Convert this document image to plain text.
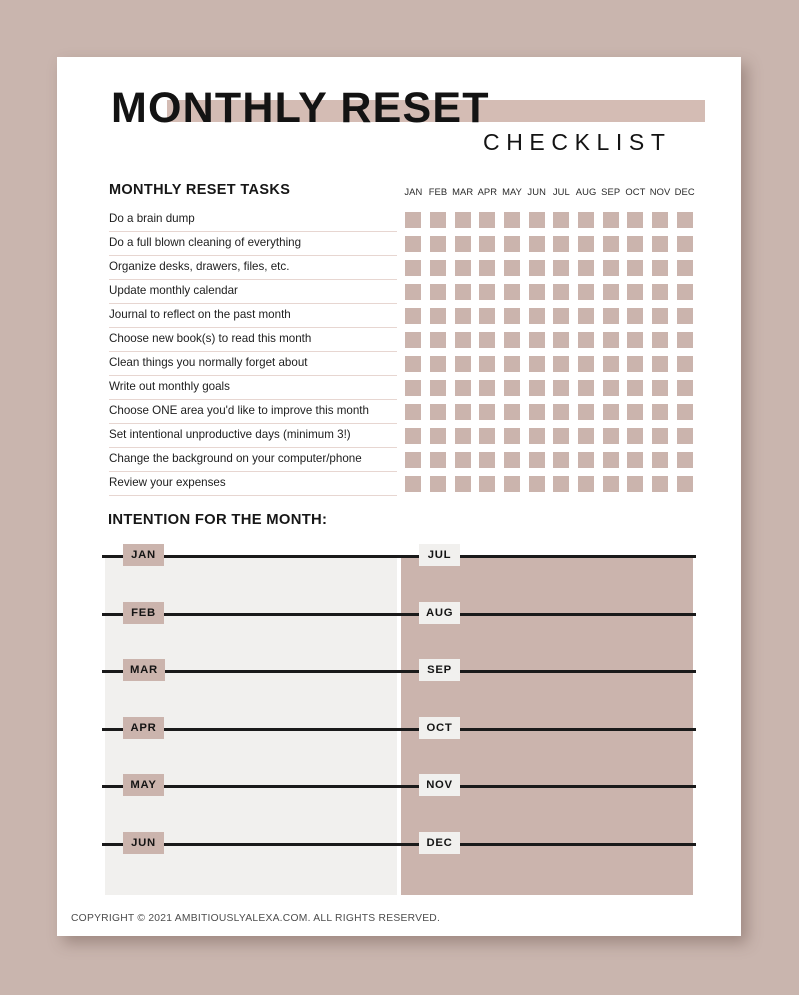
MONTHLY RESET
CHECKLIST
MONTHLY RESET TASKS
Do a brain dump
Do a full blown cleaning of everything
Organize desks, drawers, files, etc.
Update monthly calendar
Journal to reflect on the past month
Choose new book(s) to read this month
Clean things you normally forget about
Write out monthly goals
Choose ONE area you'd like to improve this month
Set intentional unproductive days (minimum 3!)
Change the background on your computer/phone
Review your expenses
JAN FEB MAR APR MAY JUN JUL AUG SEP OCT NOV DEC
INTENTION FOR THE MONTH:
JAN
FEB
MAR
APR
MAY
JUN
JUL
AUG
SEP
OCT
NOV
DEC
COPYRIGHT © 2021 AMBITIOUSLYALEXA.COM. ALL RIGHTS RESERVED.
